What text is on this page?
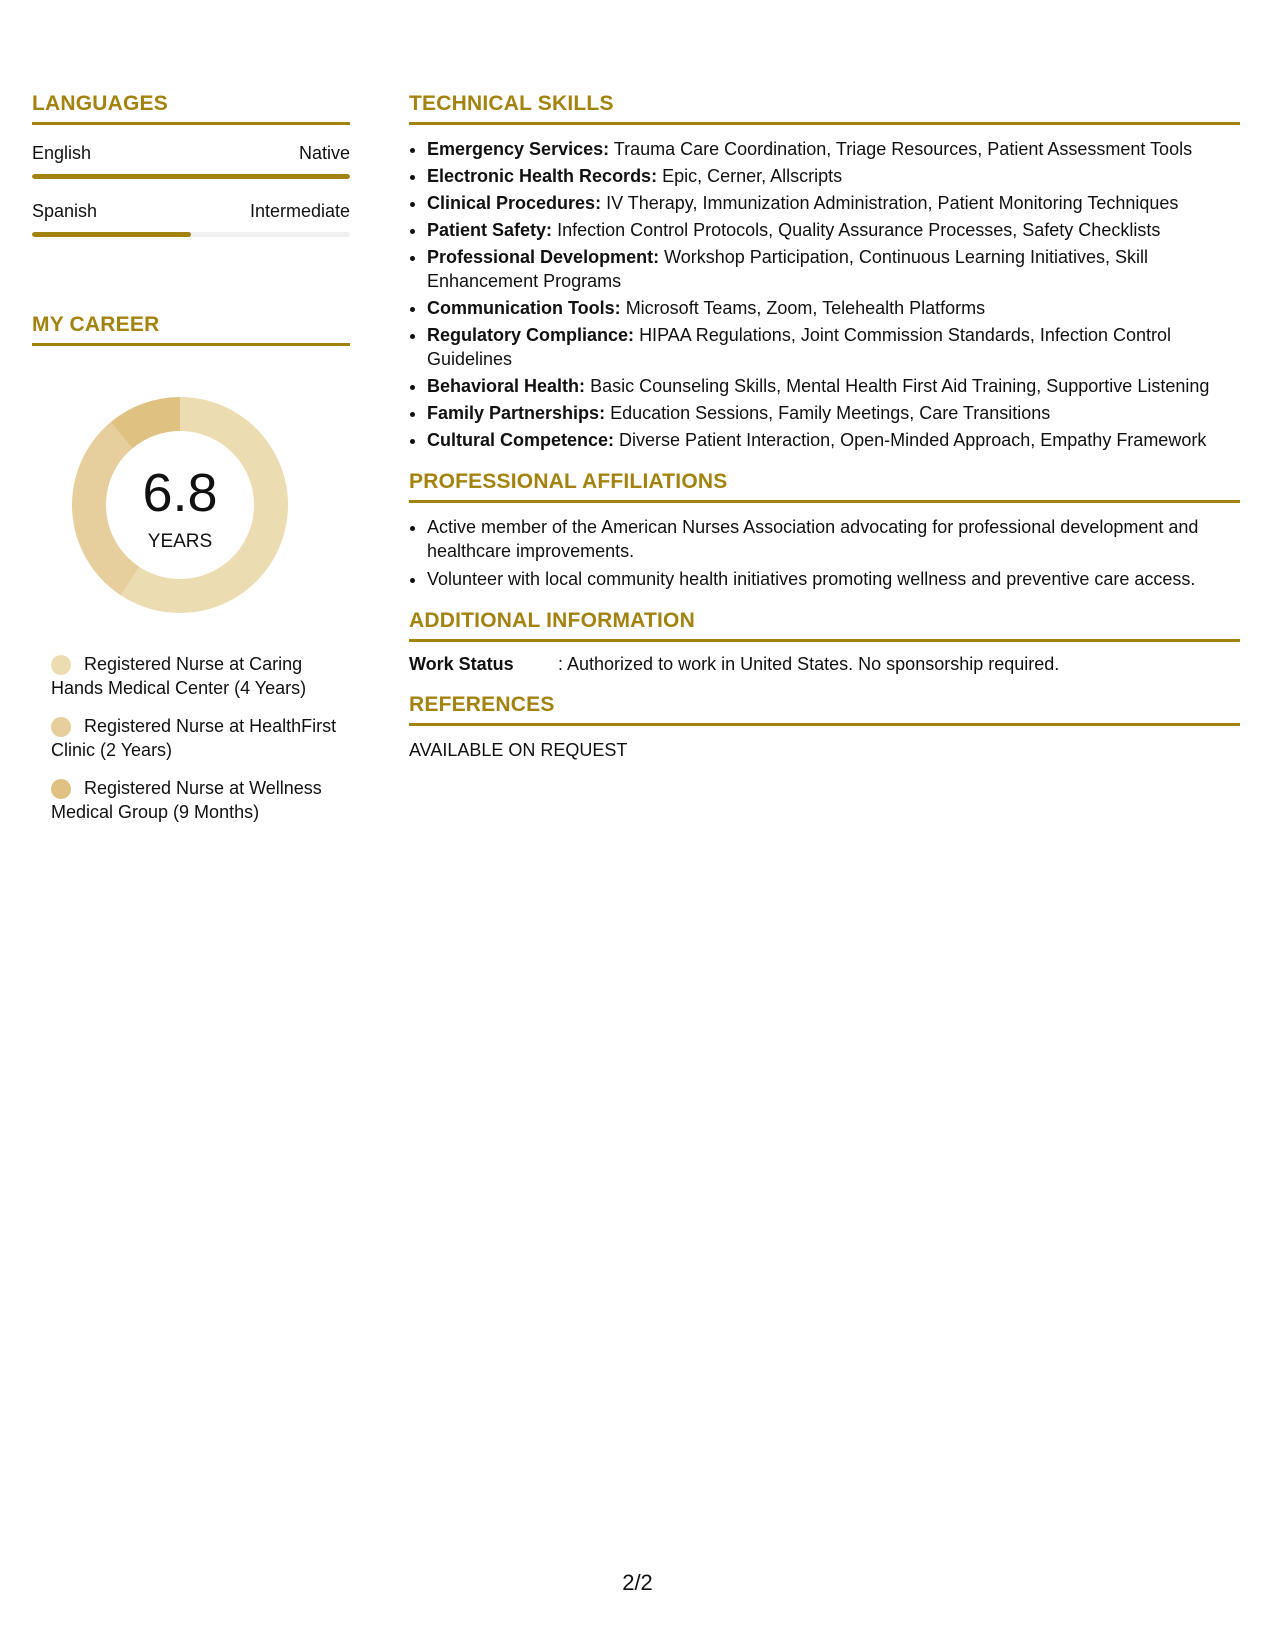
LANGUAGES
English	Native
Spanish	Intermediate
MY CAREER
6.8
YEARS
Registered Nurse at Caring Hands Medical Center (4 Years)
Registered Nurse at HealthFirst Clinic (2 Years)
Registered Nurse at Wellness Medical Group (9 Months)
TECHNICAL SKILLS
• Emergency Services: Trauma Care Coordination, Triage Resources, Patient Assessment Tools
• Electronic Health Records: Epic, Cerner, Allscripts
• Clinical Procedures: IV Therapy, Immunization Administration, Patient Monitoring Techniques
• Patient Safety: Infection Control Protocols, Quality Assurance Processes, Safety Checklists
• Professional Development: Workshop Participation, Continuous Learning Initiatives, Skill Enhancement Programs
• Communication Tools: Microsoft Teams, Zoom, Telehealth Platforms
• Regulatory Compliance: HIPAA Regulations, Joint Commission Standards, Infection Control Guidelines
• Behavioral Health: Basic Counseling Skills, Mental Health First Aid Training, Supportive Listening
• Family Partnerships: Education Sessions, Family Meetings, Care Transitions
• Cultural Competence: Diverse Patient Interaction, Open-Minded Approach, Empathy Framework
PROFESSIONAL AFFILIATIONS
• Active member of the American Nurses Association advocating for professional development and healthcare improvements.
• Volunteer with local community health initiatives promoting wellness and preventive care access.
ADDITIONAL INFORMATION
Work Status	: Authorized to work in United States. No sponsorship required.
REFERENCES
AVAILABLE ON REQUEST
2/2
